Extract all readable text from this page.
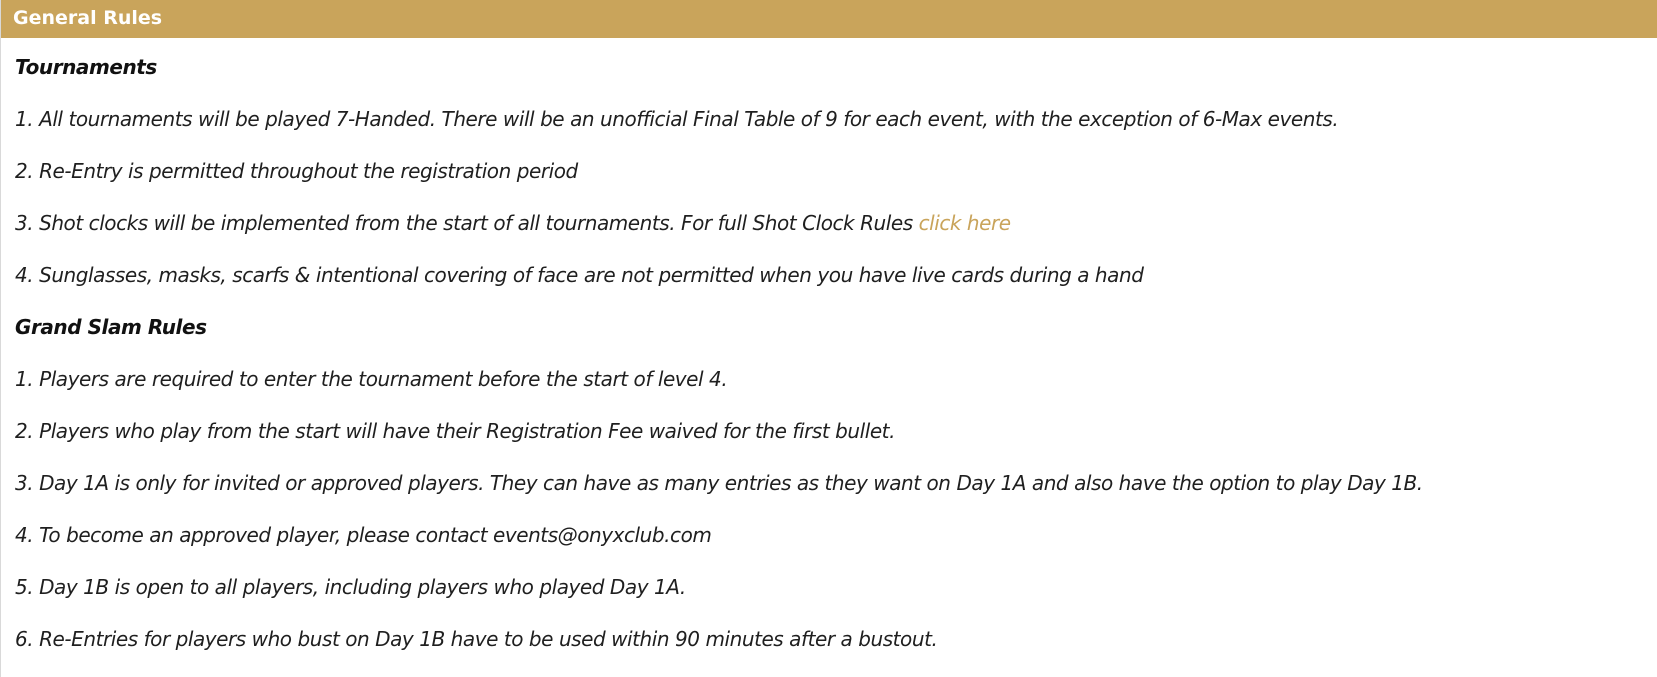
General Rules
Tournaments
1. All tournaments will be played 7-Handed. There will be an unofficial Final Table of 9 for each event, with the exception of 6-Max events.
2. Re-Entry is permitted throughout the registration period
3. Shot clocks will be implemented from the start of all tournaments. For full Shot Clock Rules click here
4. Sunglasses, masks, scarfs & intentional covering of face are not permitted when you have live cards during a hand
Grand Slam Rules
1. Players are required to enter the tournament before the start of level 4.
2. Players who play from the start will have their Registration Fee waived for the first bullet.
3. Day 1A is only for invited or approved players. They can have as many entries as they want on Day 1A and also have the option to play Day 1B.
4. To become an approved player, please contact events@onyxclub.com
5. Day 1B is open to all players, including players who played Day 1A.
6. Re-Entries for players who bust on Day 1B have to be used within 90 minutes after a bustout.
